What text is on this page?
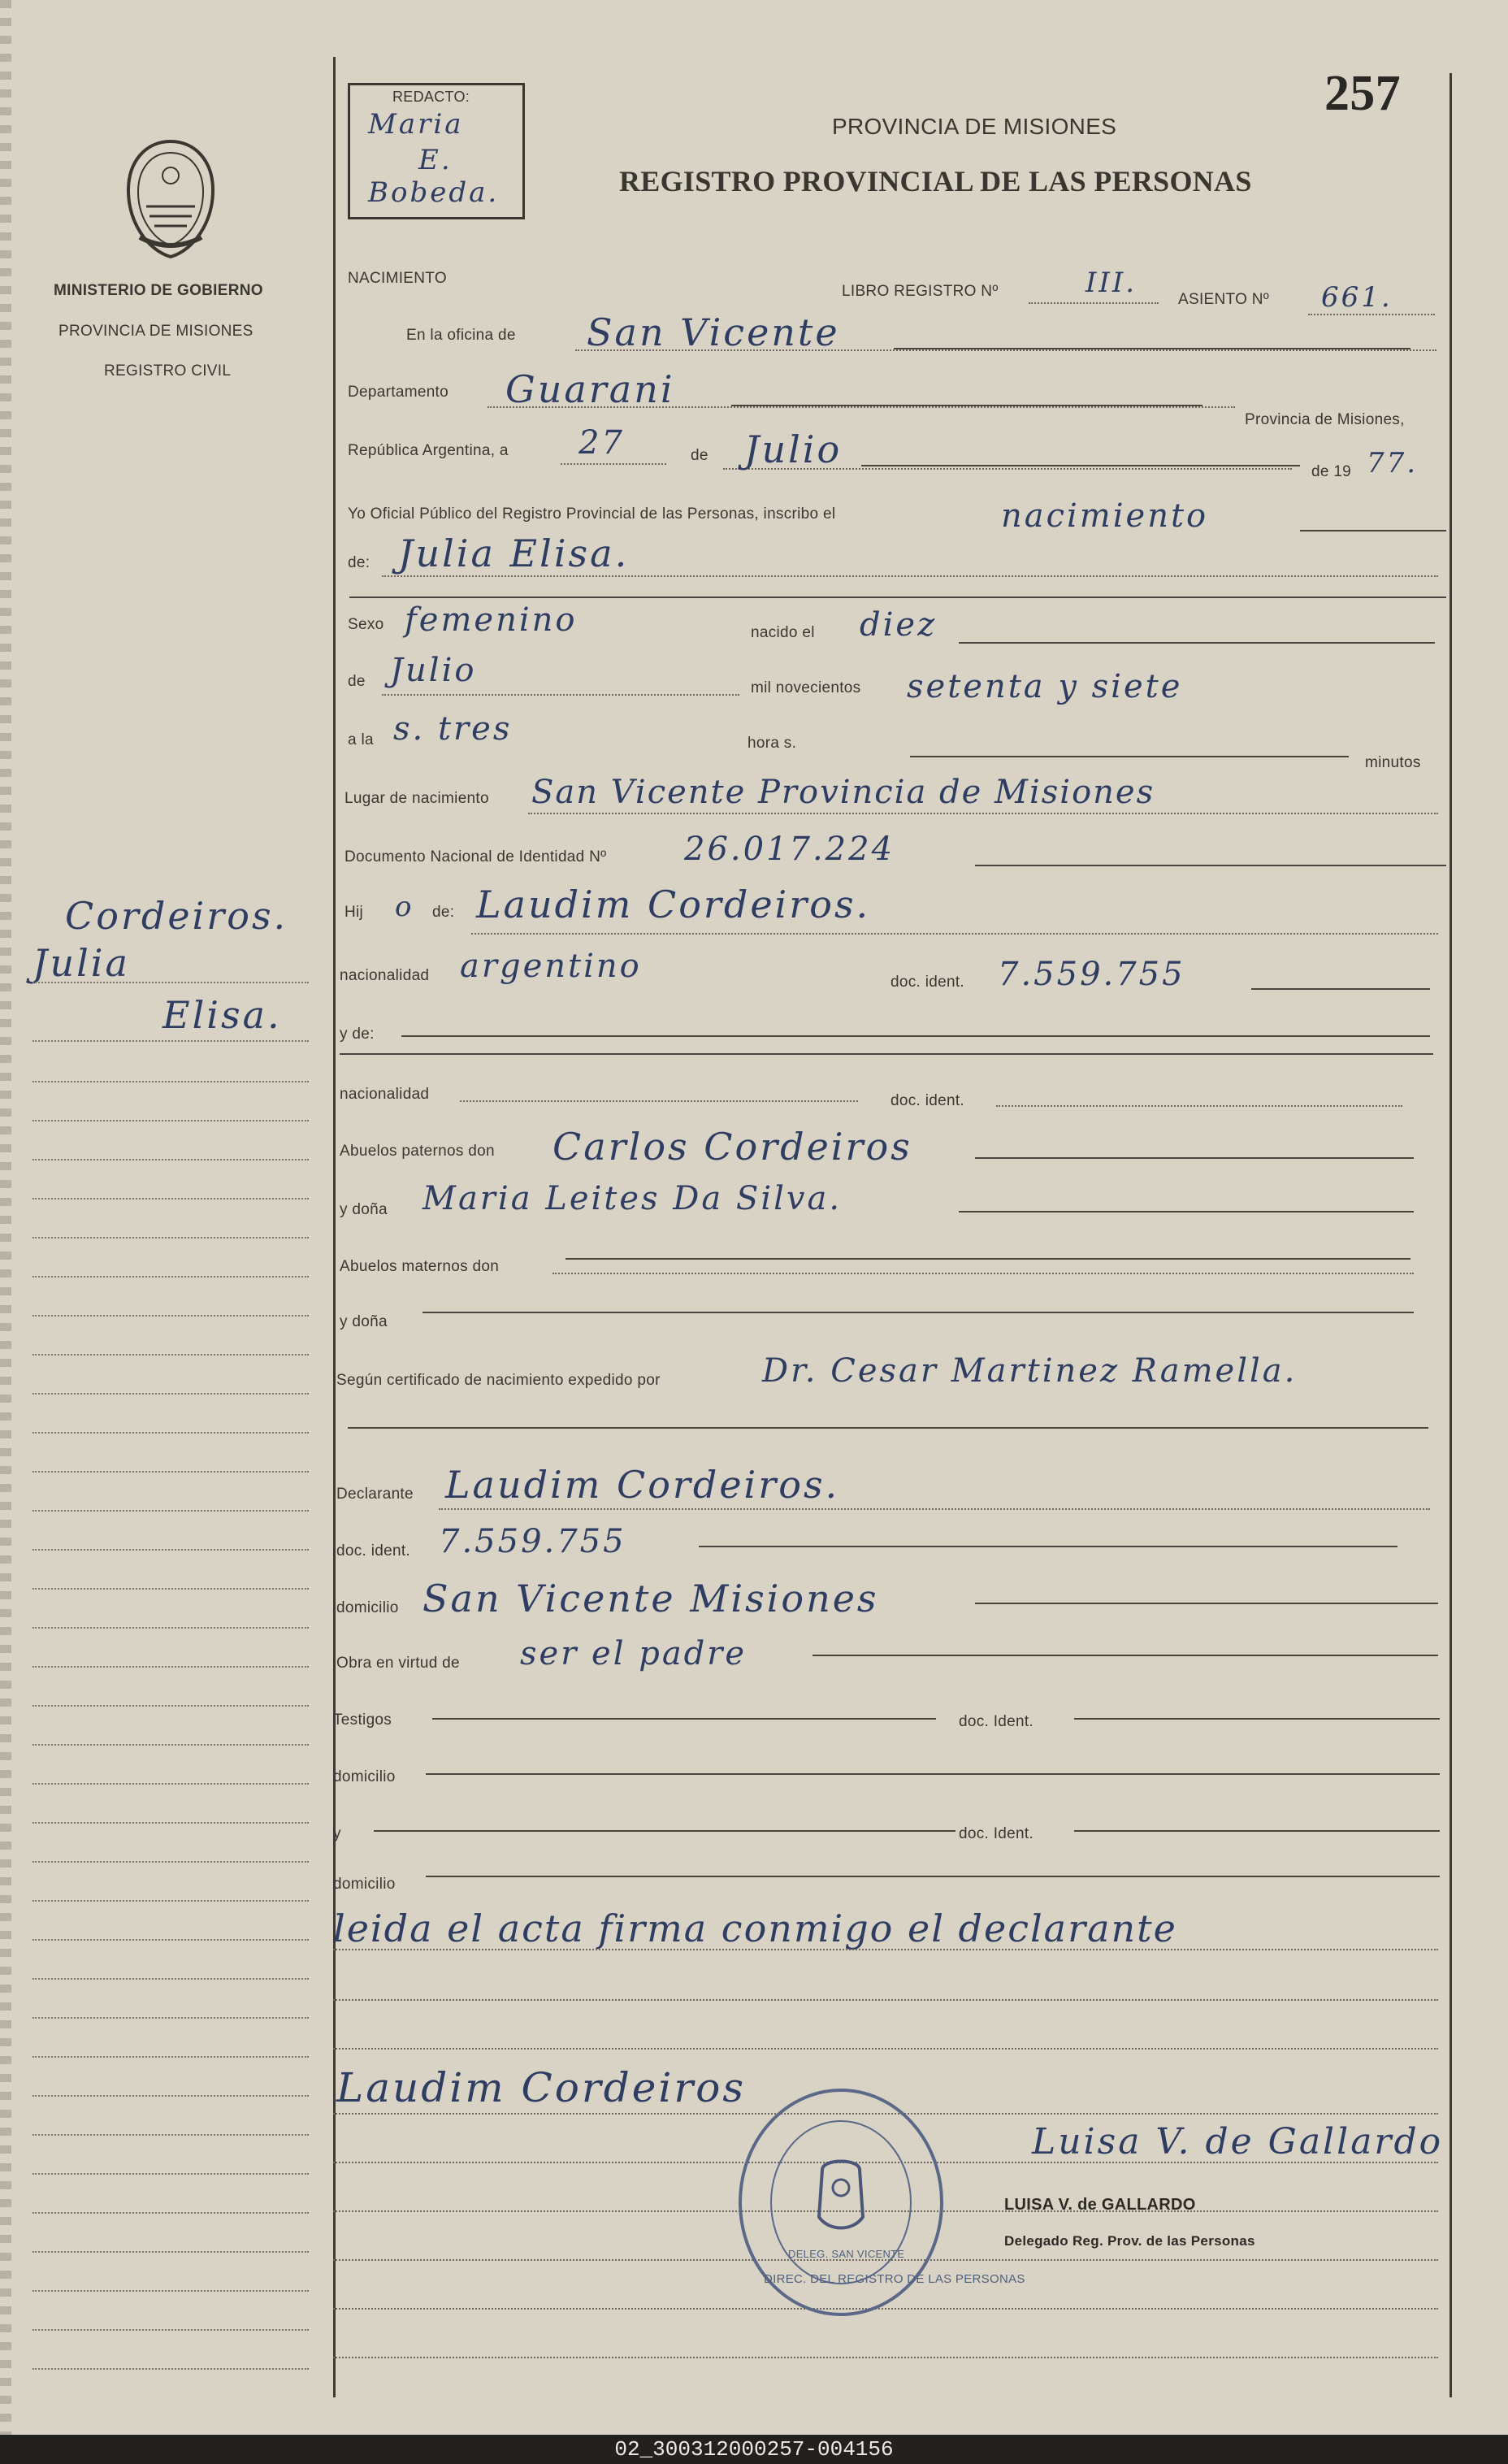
MINISTERIO DE GOBIERNO
PROVINCIA DE MISIONES
REGISTRO CIVIL
REDACTO:
Maria
E.
Bobeda.
PROVINCIA DE MISIONES
REGISTRO PROVINCIAL DE LAS PERSONAS
257
NACIMIENTO
LIBRO REGISTRO Nº	III.
ASIENTO Nº 661.
En la oficina de San Vicente
Departamento Guarani
Provincia de Misiones,
República Argentina, a 27	de Julio
de 19 77.
Yo Oficial Público del Registro Provincial de las Personas, inscribo el	nacimiento
de: Julia Elisa.
Sexo femenino	nacido el diez
de Julio	mil novecientos setenta y siete
a la s. tres	hora s.
minutos
Lugar de nacimiento San Vicente Provincia de Misiones
Documento Nacional de Identidad Nº 26.017.224
Hij o de: Laudim Cordeiros.
nacionalidad argentino	doc. ident. 7.559.755
y de:
nacionalidad	doc. ident.
Abuelos paternos don Carlos Cordeiros
y doña Maria Leites Da Silva.
Abuelos maternos don
y doña
Según certificado de nacimiento expedido por	Dr. Cesar Martinez Ramella.
Declarante Laudim Cordeiros.
doc. ident. 7.559.755
domicilio San Vicente Misiones
Obra en virtud de ser el padre
Testigos	doc. Ident.
domicilio
y	doc. Ident.
domicilio
leida el acta firma conmigo el declarante
Laudim Cordeiros
DIREC. DEL REGISTRO DE LAS PERSONAS
DELEG. SAN VICENTE
Luisa V. de Gallardo
LUISA V. de GALLARDO
Delegado Reg. Prov. de las Personas
Cordeiros.
Julia
Elisa.
02_300312000257-004156
